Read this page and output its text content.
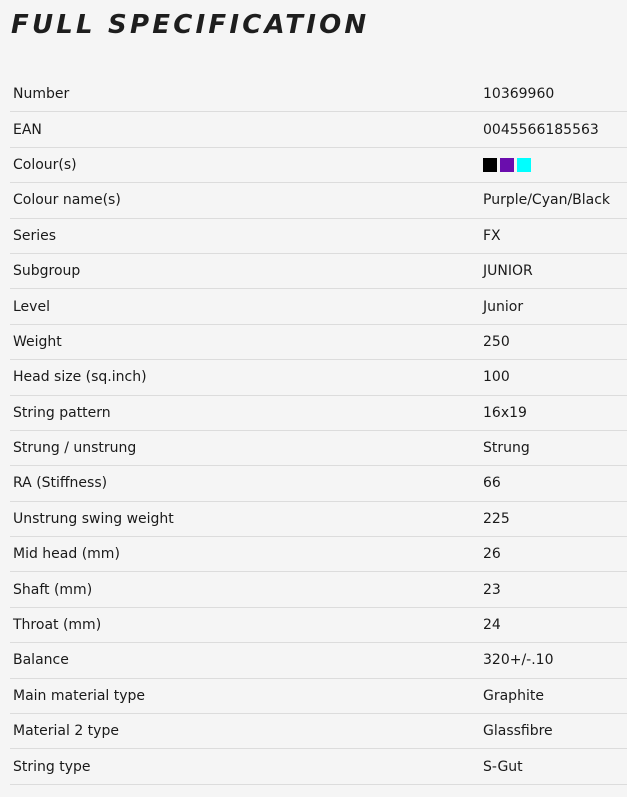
FULL SPECIFICATION
Number	10369960
EAN	0045566185563
Colour(s)	

Colour name(s)	Purple/Cyan/Black
Series	FX
Subgroup	JUNIOR
Level	Junior
Weight	250
Head size (sq.inch)	100
String pattern	16x19
Strung / unstrung	Strung
RA (Stiffness)	66
Unstrung swing weight	225
Mid head (mm)	26
Shaft (mm)	23
Throat (mm)	24
Balance	320+/-.10
Main material type	Graphite
Material 2 type	Glassfibre
String type	S-Gut
